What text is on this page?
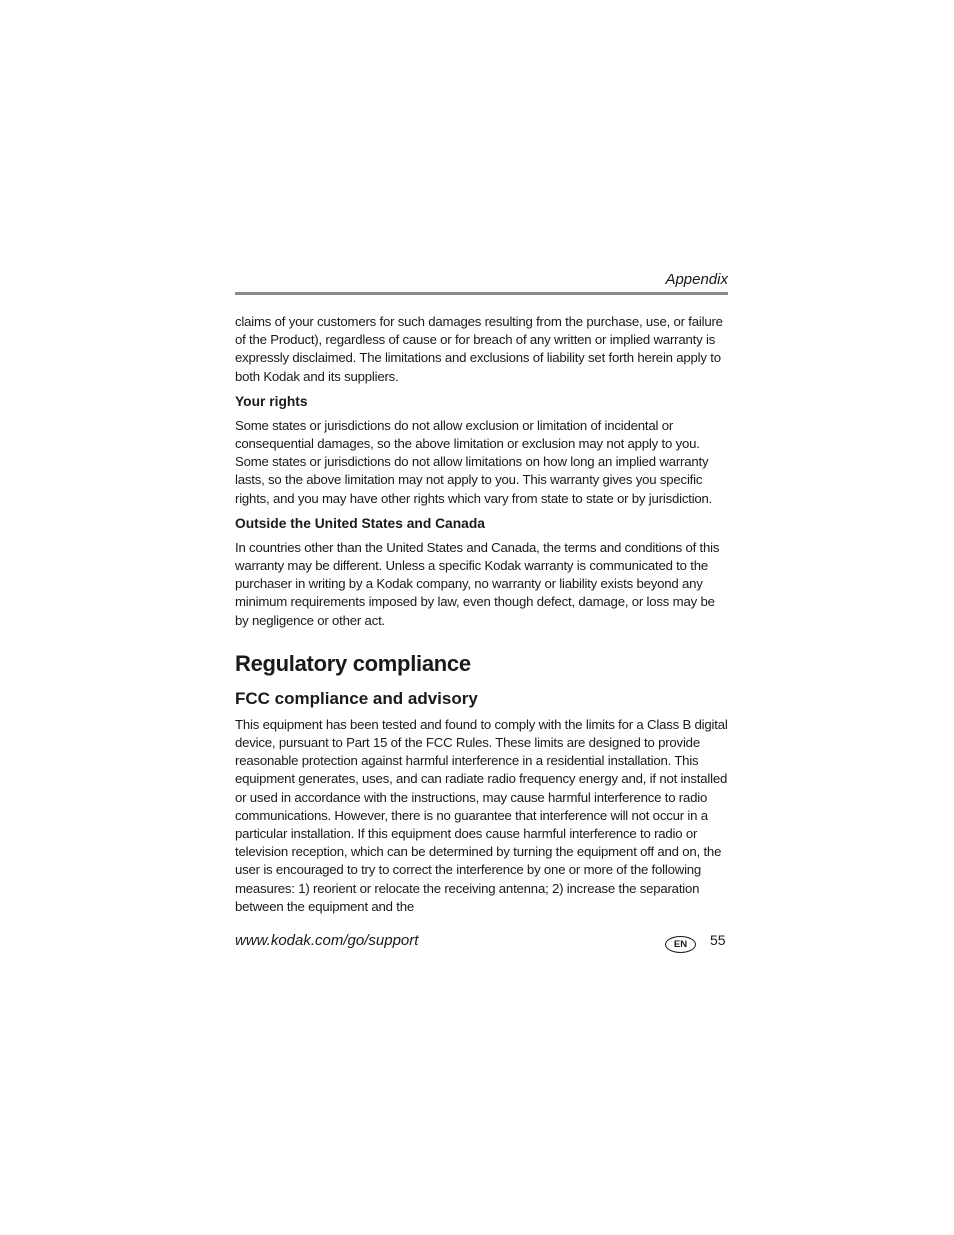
Appendix

claims of your customers for such damages resulting from the purchase, use, or failure of the Product), regardless of cause or for breach of any written or implied warranty is expressly disclaimed. The limitations and exclusions of liability set forth herein apply to both Kodak and its suppliers.

Your rights

Some states or jurisdictions do not allow exclusion or limitation of incidental or consequential damages, so the above limitation or exclusion may not apply to you. Some states or jurisdictions do not allow limitations on how long an implied warranty lasts, so the above limitation may not apply to you. This warranty gives you specific rights, and you may have other rights which vary from state to state or by jurisdiction.

Outside the United States and Canada

In countries other than the United States and Canada, the terms and conditions of this warranty may be different. Unless a specific Kodak warranty is communicated to the purchaser in writing by a Kodak company, no warranty or liability exists beyond any minimum requirements imposed by law, even though defect, damage, or loss may be by negligence or other act.

Regulatory compliance
FCC compliance and advisory

This equipment has been tested and found to comply with the limits for a Class B digital device, pursuant to Part 15 of the FCC Rules. These limits are designed to provide reasonable protection against harmful interference in a residential installation. This equipment generates, uses, and can radiate radio frequency energy and, if not installed or used in accordance with the instructions, may cause harmful interference to radio communications. However, there is no guarantee that interference will not occur in a particular installation. If this equipment does cause harmful interference to radio or television reception, which can be determined by turning the equipment off and on, the user is encouraged to try to correct the interference by one or more of the following measures: 1) reorient or relocate the receiving antenna; 2) increase the separation between the equipment and the

www.kodak.com/go/support	EN	55
